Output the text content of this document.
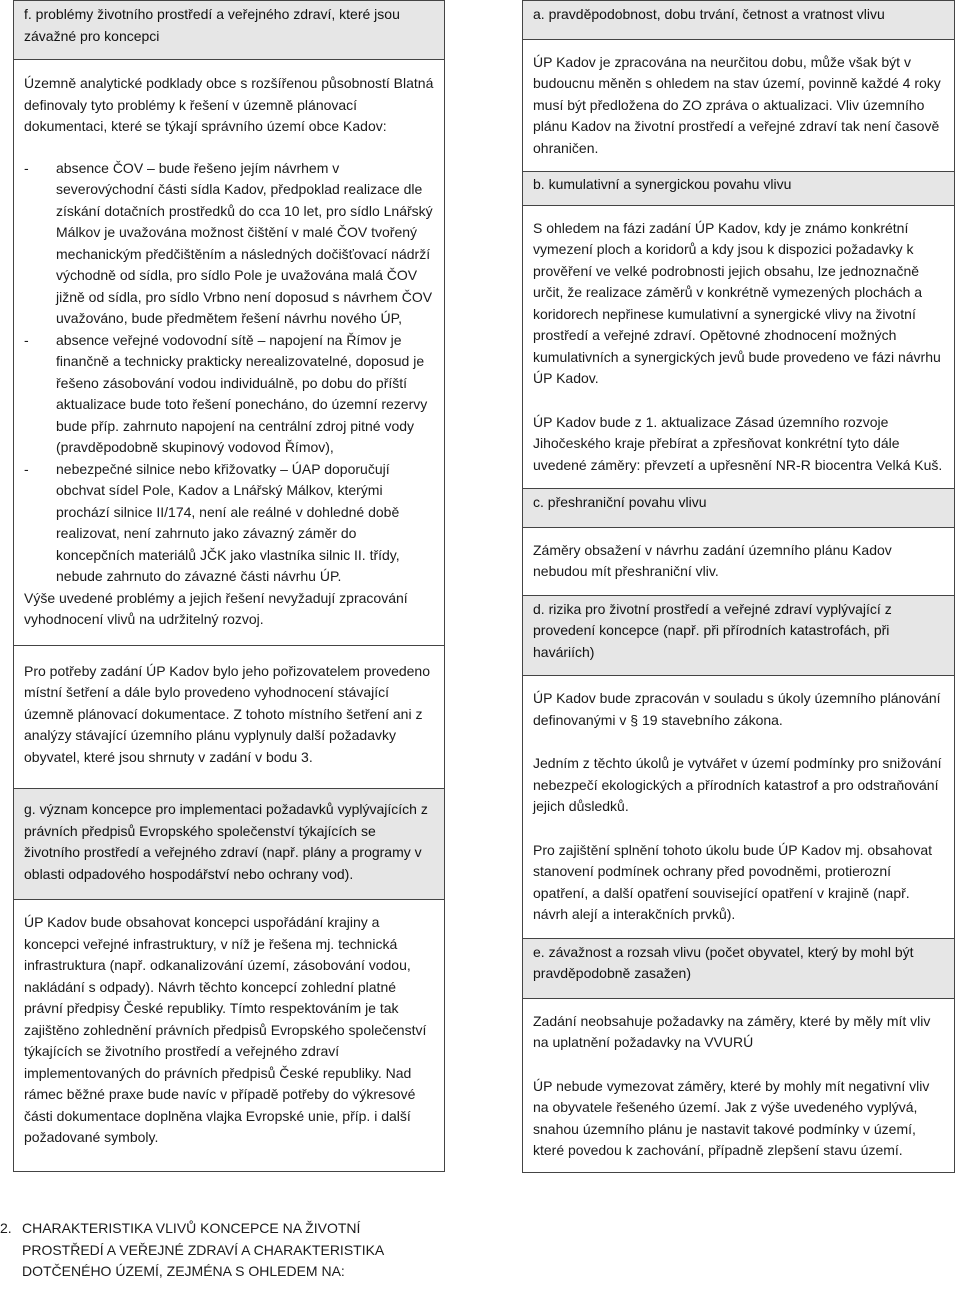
f. problémy životního prostředí a veřejného zdraví, které jsou závažné pro koncepci

Územně analytické podklady obce s rozšířenou působností Blatná definovaly tyto problémy k řešení v územně plánovací dokumentaci, které se týkají správního území obce Kadov:

- absence ČOV – bude řešeno jejím návrhem v severovýchodní části sídla Kadov, předpoklad realizace dle získání dotačních prostředků do cca 10 let, pro sídlo Lnářský Málkov je uvažována možnost čištění v malé ČOV tvořený mechanickým předčištěním a následných dočišťovací nádrží východně od sídla, pro sídlo Pole je uvažována malá ČOV jižně od sídla, pro sídlo Vrbno není doposud s návrhem ČOV uvažováno, bude předmětem řešení návrhu nového ÚP,
- absence veřejné vodovodní sítě – napojení na Římov je finančně a technicky prakticky nerealizovatelné, doposud je řešeno zásobování vodou individuálně, po dobu do příští aktualizace bude toto řešení ponecháno, do územní rezervy bude příp. zahrnuto napojení na centrální zdroj pitné vody (pravděpodobně skupinový vodovod Římov),
- nebezpečné silnice nebo křižovatky – ÚAP doporučují obchvat sídel Pole, Kadov a Lnářský Málkov, kterými prochází silnice II/174, není ale reálné v dohledné době realizovat, není zahrnuto jako závazný záměr do koncepčních materiálů JČK jako vlastníka silnic II. třídy, nebude zahrnuto do závazné části návrhu ÚP.

Výše uvedené problémy a jejich řešení nevyžadují zpracování vyhodnocení vlivů na udržitelný rozvoj.

Pro potřeby zadání ÚP Kadov bylo jeho pořizovatelem provedeno místní šetření a dále bylo provedeno vyhodnocení stávající územně plánovací dokumentace. Z tohoto místního šetření ani z analýzy stávající územního plánu vyplynuly další požadavky obyvatel, které jsou shrnuty v zadání v bodu 3.

g. význam koncepce pro implementaci požadavků vyplývajících z právních předpisů Evropského společenství týkajících se životního prostředí a veřejného zdraví (např. plány a programy v oblasti odpadového hospodářství nebo ochrany vod).

ÚP Kadov bude obsahovat koncepci uspořádání krajiny a koncepci veřejné infrastruktury, v níž je řešena mj. technická infrastruktura (např. odkanalizování území, zásobování vodou, nakládání s odpady). Návrh těchto koncepcí zohlední platné právní předpisy České republiky. Tímto respektováním je tak zajištěno zohlednění právních předpisů Evropského společenství týkajících se životního prostředí a veřejného zdraví implementovaných do právních předpisů České republiky. Nad rámec běžné praxe bude navíc v případě potřeby do výkresové části dokumentace doplněna vlajka Evropské unie, příp. i další požadované symboly.

2. CHARAKTERISTIKA VLIVŮ KONCEPCE NA ŽIVOTNÍ PROSTŘEDÍ A VEŘEJNÉ ZDRAVÍ A CHARAKTERISTIKA DOTČENÉHO ÚZEMÍ, ZEJMÉNA S OHLEDEM NA:

a. pravděpodobnost, dobu trvání, četnost a vratnost vlivu

ÚP Kadov je zpracována na neurčitou dobu, může však být v budoucnu měněn s ohledem na stav území, povinně každé 4 roky musí být předložena do ZO zpráva o aktualizaci. Vliv územního plánu Kadov na životní prostředí a veřejné zdraví tak není časově ohraničen.

b. kumulativní a synergickou povahu vlivu

S ohledem na fázi zadání ÚP Kadov, kdy je známo konkrétní vymezení ploch a koridorů a kdy jsou k dispozici požadavky k prověření ve velké podrobnosti jejich obsahu, lze jednoznačně určit, že realizace záměrů v konkrétně vymezených plochách a koridorech nepřinese kumulativní a synergické vlivy na životní prostředí a veřejné zdraví. Opětovné zhodnocení možných kumulativních a synergických jevů bude provedeno ve fázi návrhu ÚP Kadov.

ÚP Kadov bude z 1. aktualizace Zásad územního rozvoje Jihočeského kraje přebírat a zpřesňovat konkrétní tyto dále uvedené záměry: převzetí a upřesnění NR-R biocentra Velká Kuš.

c. přeshraniční povahu vlivu

Záměry obsažení v návrhu zadání územního plánu Kadov nebudou mít přeshraniční vliv.

d. rizika pro životní prostředí a veřejné zdraví vyplývající z provedení koncepce (např. při přírodních katastrofách, při haváriích)

ÚP Kadov bude zpracován v souladu s úkoly územního plánování definovanými v § 19 stavebního zákona.

Jedním z těchto úkolů je vytvářet v území podmínky pro snižování nebezpečí ekologických a přírodních katastrof a pro odstraňování jejich důsledků.

Pro zajištění splnění tohoto úkolu bude ÚP Kadov mj. obsahovat stanovení podmínek ochrany před povodněmi, protierozní opatření, a další opatření související opatření v krajině (např. návrh alejí a interakčních prvků).

e. závažnost a rozsah vlivu (počet obyvatel, který by mohl být pravděpodobně zasažen)

Zadání neobsahuje požadavky na záměry, které by měly mít vliv na uplatnění požadavky na VVURÚ

ÚP nebude vymezovat záměry, které by mohly mít negativní vliv na obyvatele řešeného území. Jak z výše uvedeného vyplývá, snahou územního plánu je nastavit takové podmínky v území, které povedou k zachování, případně zlepšení stavu území.
